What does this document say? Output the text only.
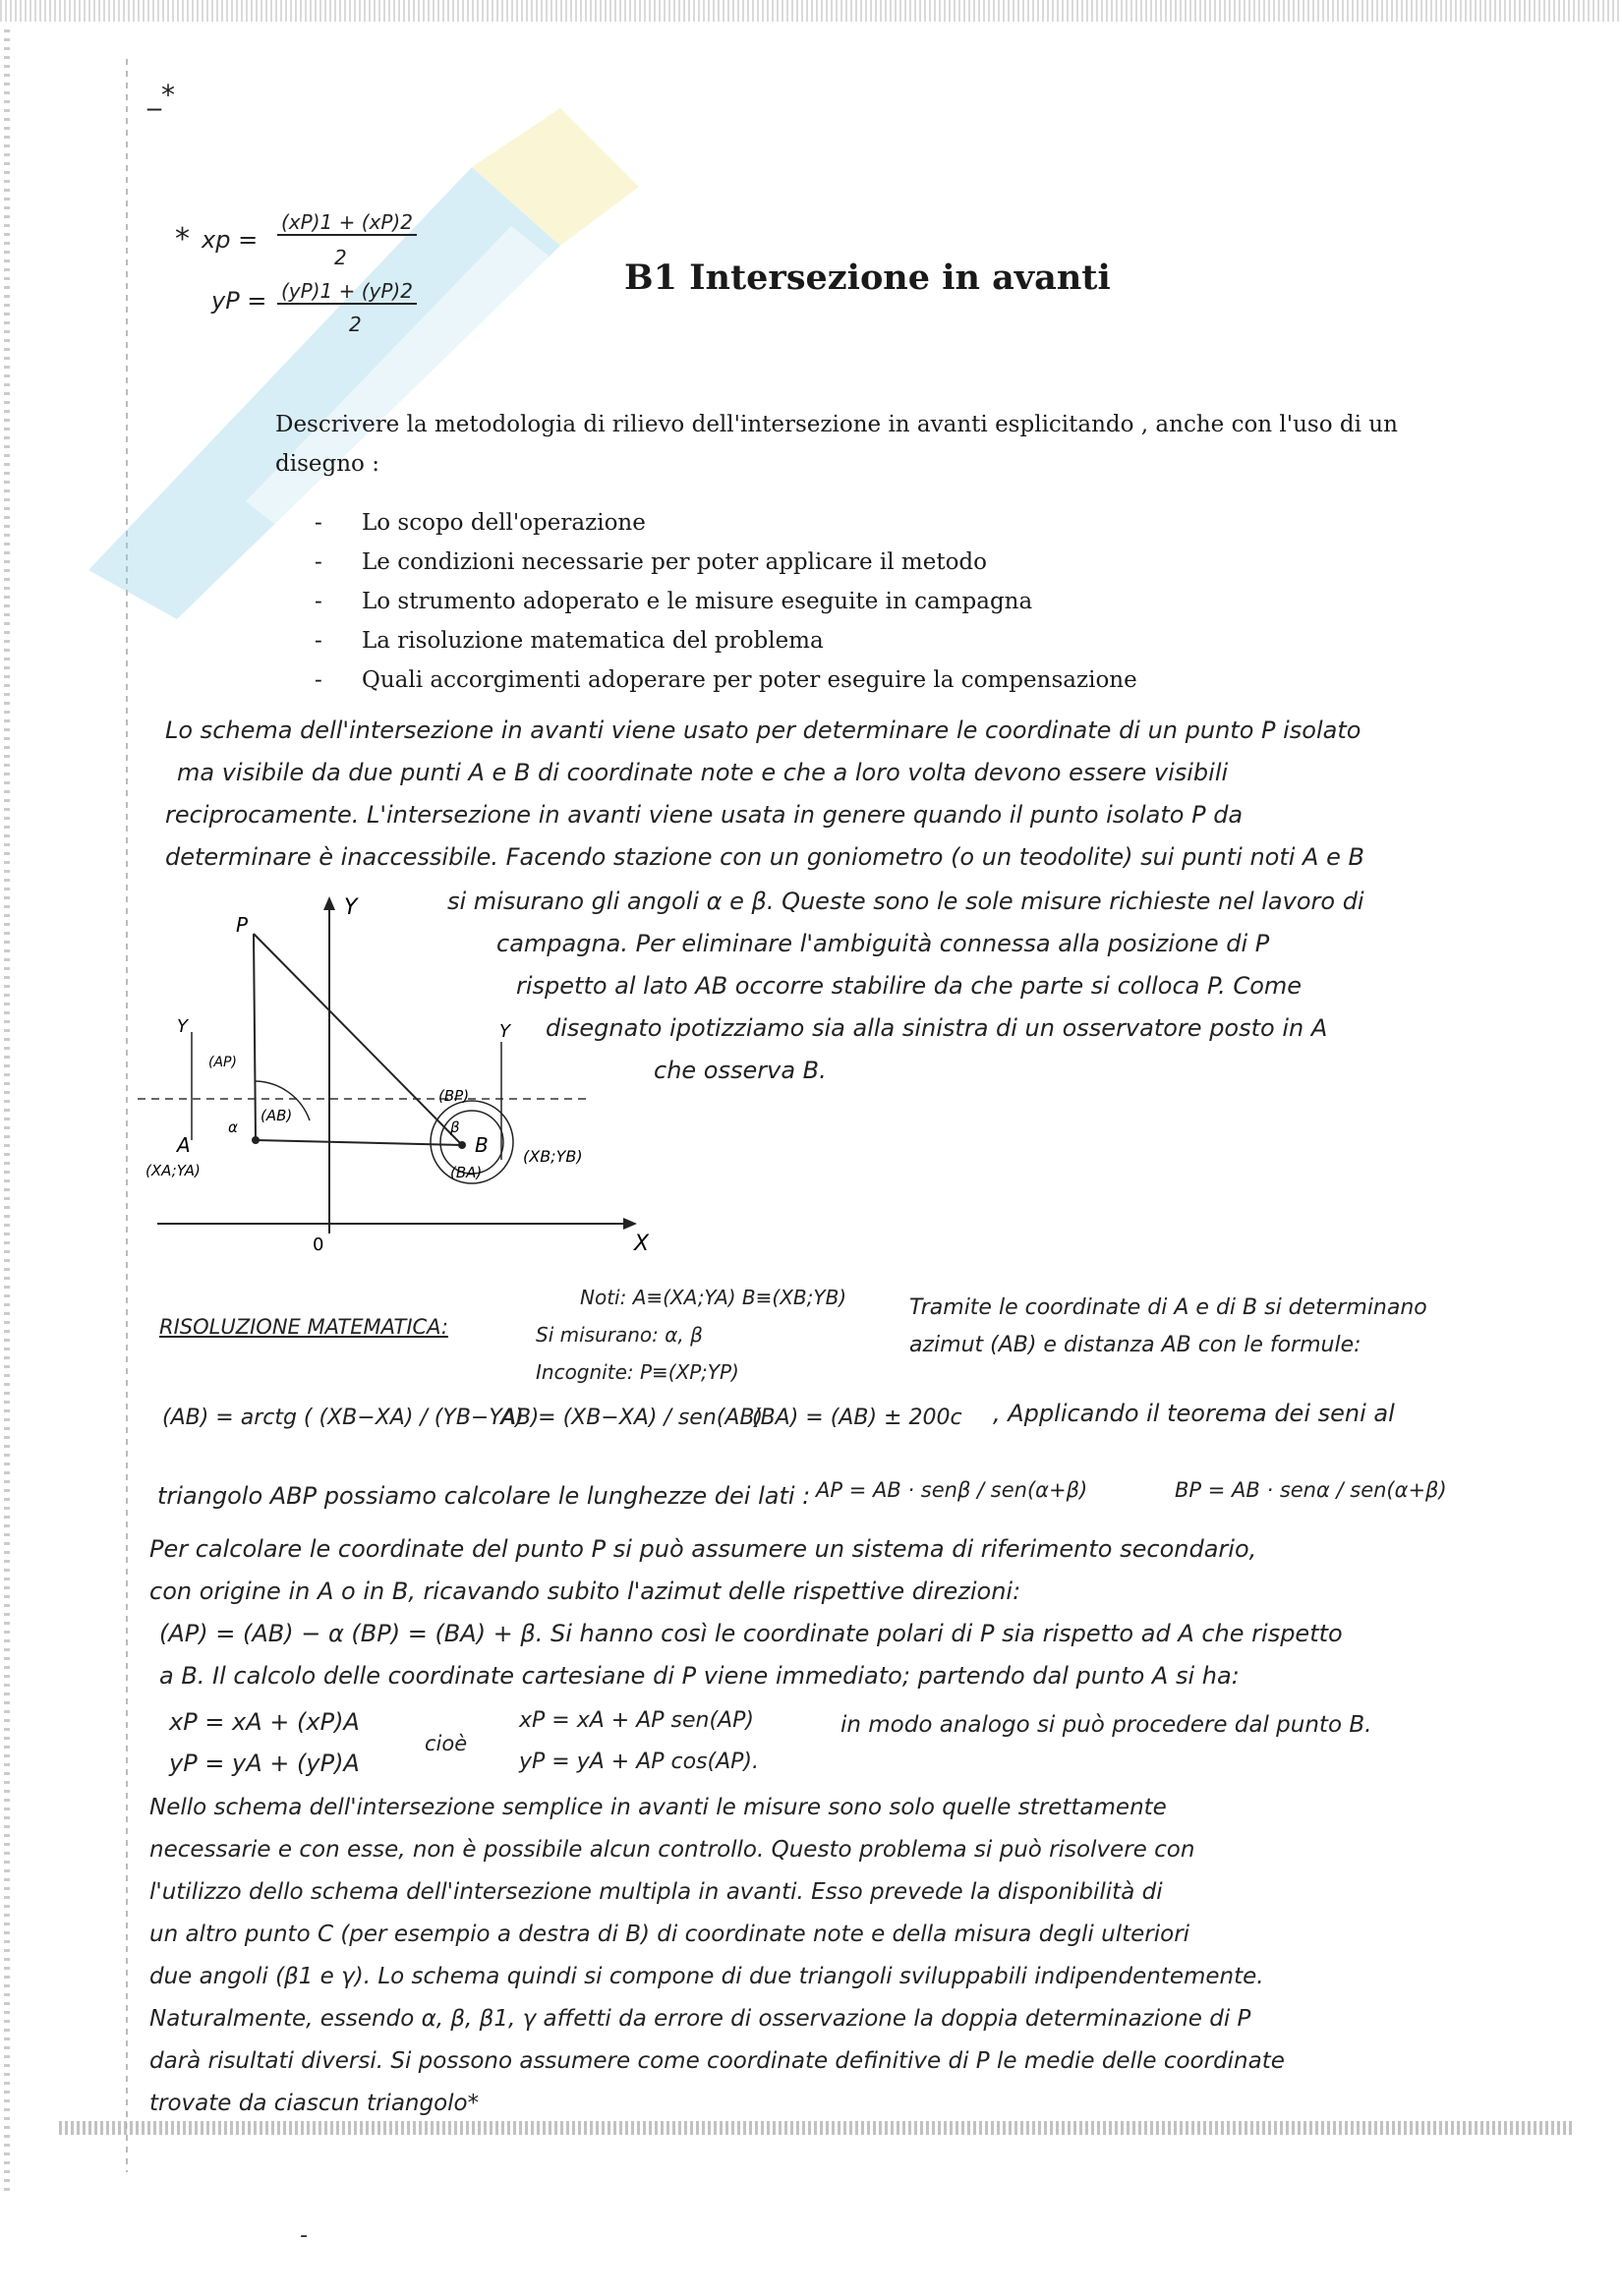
_*
* xp =
(xP)1 + (xP)2
2
yP = (yP)1 + (yP)2
2
B1 Intersezione in avanti
Descrivere la metodologia di rilievo dell'intersezione in avanti esplicitando , anche con l'uso di un disegno :
- Lo scopo dell'operazione
- Le condizioni necessarie per poter applicare il metodo
- Lo strumento adoperato e le misure eseguite in campagna
- La risoluzione matematica del problema
- Quali accorgimenti adoperare per poter eseguire la compensazione
Lo schema dell'intersezione in avanti viene usato per determinare le coordinate di un punto P isolato
ma visibile da due punti A e B di coordinate note e che a loro volta devono essere visibili
reciprocamente. L'intersezione in avanti viene usata in genere quando il punto isolato P da
determinare è inaccessibile. Facendo stazione con un goniometro (o un teodolite) sui punti noti A e B
si misurano gli angoli α e β. Queste sono le sole misure richieste nel lavoro di
campagna. Per eliminare l'ambiguità connessa alla posizione di P
rispetto al lato AB occorre stabilire da che parte si colloca P. Come
disegnato ipotizziamo sia alla sinistra di un osservatore posto in A
che osserva B.
Y
X
0
Y	Y
P
A	B
(XA;YA)
(XB;YB)
(AP)
(AB)
(BP)
(BA)
α	β
RISOLUZIONE MATEMATICA:
Noti: A≡(XA;YA) B≡(XB;YB)
Si misurano: α, β
Incognite: P≡(XP;YP)
Tramite le coordinate di A e di B si determinano
azimut (AB) e distanza AB con le formule:
(AB) = arctg ( (XB−XA) / (YB−YA) )
AB = (XB−XA) / sen(AB)
(BA) = (AB) ± 200c , Applicando il teorema dei seni al
triangolo ABP possiamo calcolare le lunghezze dei lati : AP = AB · senβ / sen(α+β)	BP = AB · senα / sen(α+β)
Per calcolare le coordinate del punto P si può assumere un sistema di riferimento secondario,
con origine in A o in B, ricavando subito l'azimut delle rispettive direzioni:
(AP) = (AB) − α (BP) = (BA) + β. Si hanno così le coordinate polari di P sia rispetto ad A che rispetto
a B. Il calcolo delle coordinate cartesiane di P viene immediato; partendo dal punto A si ha:
xP = xA + (xP)A
yP = yA + (yP)A
cioè
xP = xA + AP sen(AP)
yP = yA + AP cos(AP).
in modo analogo si può procedere dal punto B.
Nello schema dell'intersezione semplice in avanti le misure sono solo quelle strettamente
necessarie e con esse, non è possibile alcun controllo. Questo problema si può risolvere con
l'utilizzo dello schema dell'intersezione multipla in avanti. Esso prevede la disponibilità di
un altro punto C (per esempio a destra di B) di coordinate note e della misura degli ulteriori
due angoli (β1 e γ). Lo schema quindi si compone di due triangoli sviluppabili indipendentemente.
Naturalmente, essendo α, β, β1, γ affetti da errore di osservazione la doppia determinazione di P
darà risultati diversi. Si possono assumere come coordinate definitive di P le medie delle coordinate
trovate da ciascun triangolo*
-
